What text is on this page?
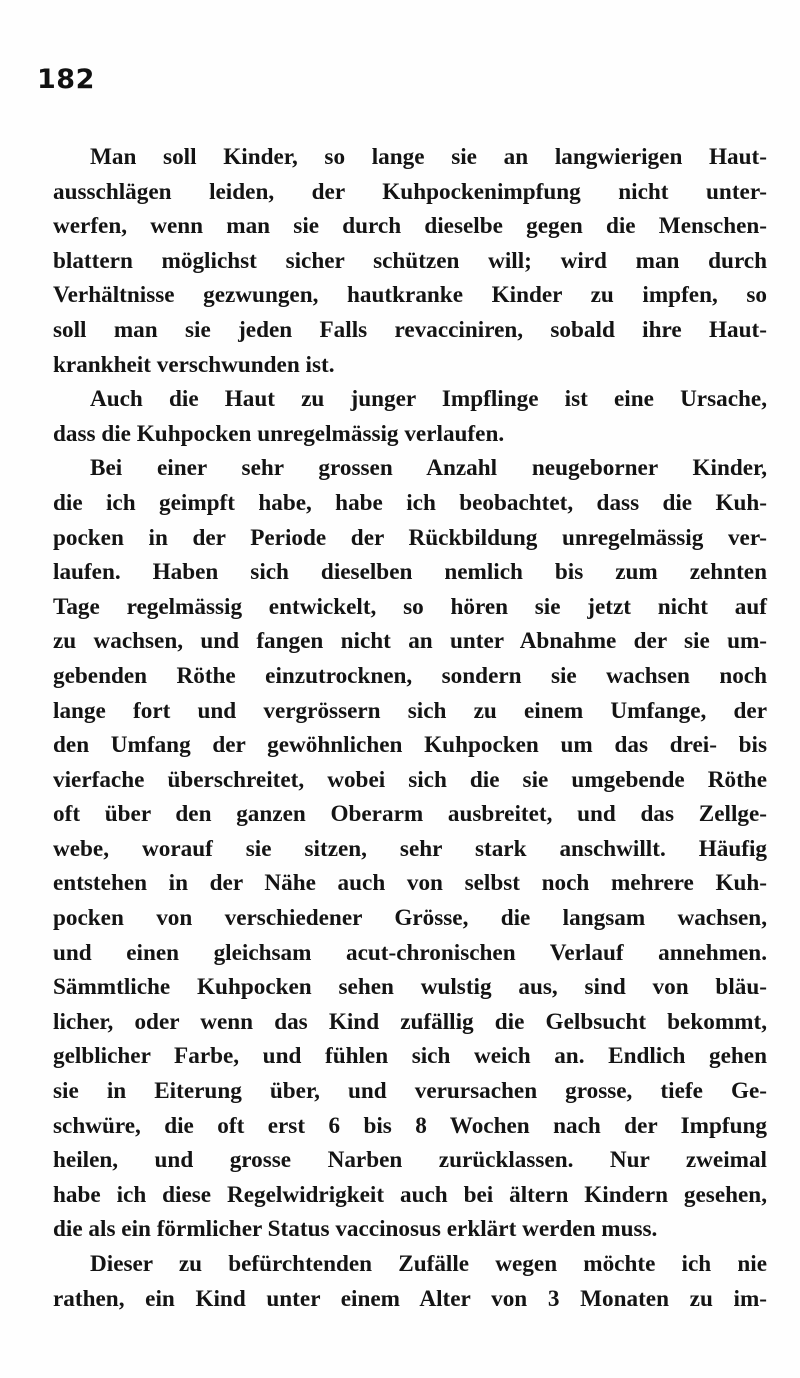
182
Man soll Kinder, so lange sie an langwierigen Haut-
ausschlägen leiden, der Kuhpockenimpfung nicht unter-
werfen, wenn man sie durch dieselbe gegen die Menschen-
blattern möglichst sicher schützen will; wird man durch
Verhältnisse gezwungen, hautkranke Kinder zu impfen, so
soll man sie jeden Falls revacciniren, sobald ihre Haut-
krankheit verschwunden ist.
Auch die Haut zu junger Impflinge ist eine Ursache,
dass die Kuhpocken unregelmässig verlaufen.
Bei einer sehr grossen Anzahl neugeborner Kinder,
die ich geimpft habe, habe ich beobachtet, dass die Kuh-
pocken in der Periode der Rückbildung unregelmässig ver-
laufen. Haben sich dieselben nemlich bis zum zehnten
Tage regelmässig entwickelt, so hören sie jetzt nicht auf
zu wachsen, und fangen nicht an unter Abnahme der sie um-
gebenden Röthe einzutrocknen, sondern sie wachsen noch
lange fort und vergrössern sich zu einem Umfange, der
den Umfang der gewöhnlichen Kuhpocken um das drei- bis
vierfache überschreitet, wobei sich die sie umgebende Röthe
oft über den ganzen Oberarm ausbreitet, und das Zellge-
webe, worauf sie sitzen, sehr stark anschwillt. Häufig
entstehen in der Nähe auch von selbst noch mehrere Kuh-
pocken von verschiedener Grösse, die langsam wachsen,
und einen gleichsam acut-chronischen Verlauf annehmen.
Sämmtliche Kuhpocken sehen wulstig aus, sind von bläu-
licher, oder wenn das Kind zufällig die Gelbsucht bekommt,
gelblicher Farbe, und fühlen sich weich an. Endlich gehen
sie in Eiterung über, und verursachen grosse, tiefe Ge-
schwüre, die oft erst 6 bis 8 Wochen nach der Impfung
heilen, und grosse Narben zurücklassen. Nur zweimal
habe ich diese Regelwidrigkeit auch bei ältern Kindern gesehen,
die als ein förmlicher Status vaccinosus erklärt werden muss.
Dieser zu befürchtenden Zufälle wegen möchte ich nie
rathen, ein Kind unter einem Alter von 3 Monaten zu im-
